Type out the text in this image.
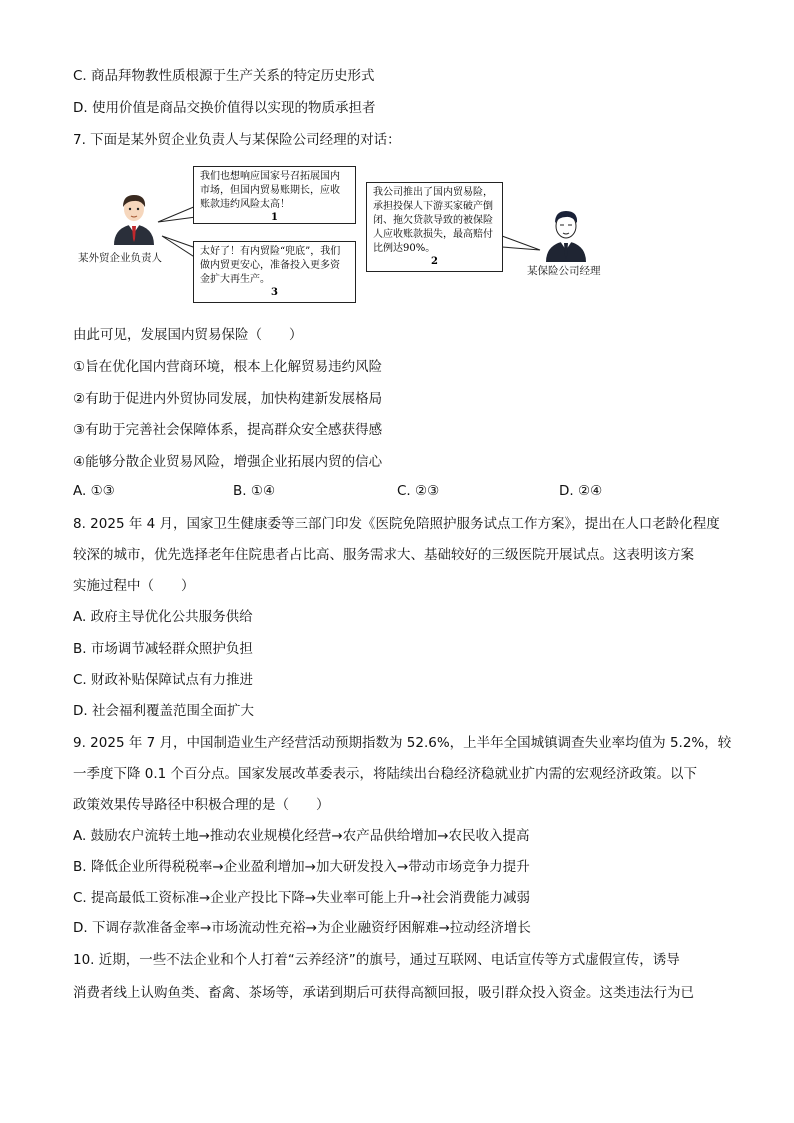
C. 商品拜物教性质根源于生产关系的特定历史形式
D. 使用价值是商品交换价值得以实现的物质承担者
7. 下面是某外贸企业负责人与某保险公司经理的对话：
某外贸企业负责人
某保险公司经理
我们也想响应国家号召拓展国内市场，但国内贸易账期长，应收账款违约风险太高！
1
太好了！有内贸险“兜底”，我们做内贸更安心，准备投入更多资金扩大再生产。
3
我公司推出了国内贸易险，承担投保人下游买家破产倒闭、拖欠贷款导致的被保险人应收账款损失，最高赔付比例达90%。
2
由此可见，发展国内贸易保险（　　）
①旨在优化国内营商环境，根本上化解贸易违约风险
②有助于促进内外贸协同发展，加快构建新发展格局
③有助于完善社会保障体系，提高群众安全感获得感
④能够分散企业贸易风险，增强企业拓展内贸的信心
A. ①③	B. ①④	C. ②③	D. ②④
8. 2025 年 4 月，国家卫生健康委等三部门印发《医院免陪照护服务试点工作方案》，提出在人口老龄化程度
较深的城市，优先选择老年住院患者占比高、服务需求大、基础较好的三级医院开展试点。这表明该方案
实施过程中（　　）
A. 政府主导优化公共服务供给
B. 市场调节减轻群众照护负担
C. 财政补贴保障试点有力推进
D. 社会福利覆盖范围全面扩大
9. 2025 年 7 月，中国制造业生产经营活动预期指数为 52.6%，上半年全国城镇调查失业率均值为 5.2%，较
一季度下降 0.1 个百分点。国家发展改革委表示，将陆续出台稳经济稳就业扩内需的宏观经济政策。以下
政策效果传导路径中积极合理的是（　　）
A. 鼓励农户流转土地→推动农业规模化经营→农产品供给增加→农民收入提高
B. 降低企业所得税税率→企业盈利增加→加大研发投入→带动市场竞争力提升
C. 提高最低工资标准→企业产投比下降→失业率可能上升→社会消费能力减弱
D. 下调存款准备金率→市场流动性充裕→为企业融资纾困解难→拉动经济增长
10. 近期，一些不法企业和个人打着“云养经济”的旗号，通过互联网、电话宣传等方式虚假宣传，诱导
消费者线上认购鱼类、畜禽、茶场等，承诺到期后可获得高额回报，吸引群众投入资金。这类违法行为已
